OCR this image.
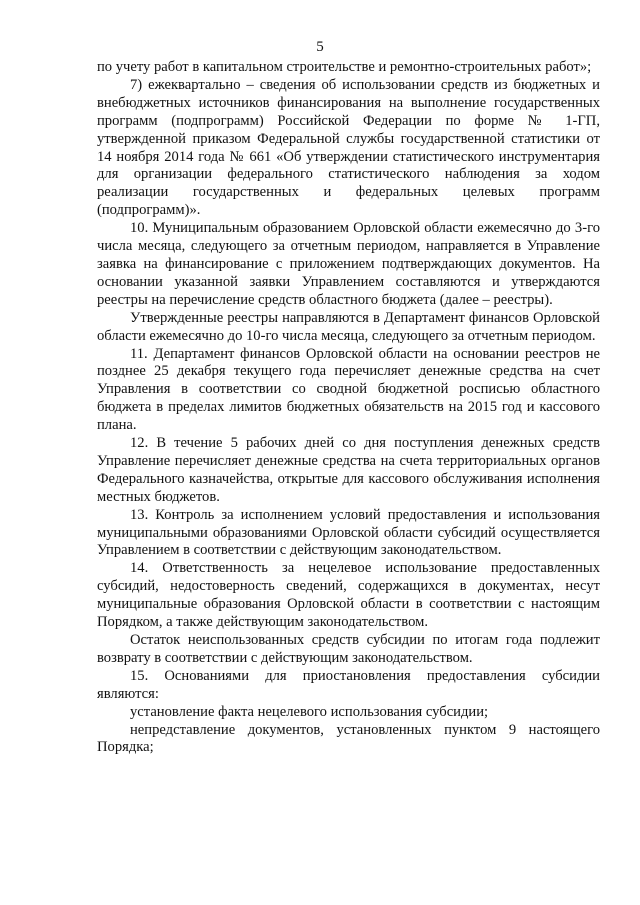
5

по учету работ в капитальном строительстве и ремонтно-строительных работ»;

7) ежеквартально – сведения об использовании средств из бюджетных и внебюджетных источников финансирования на выполнение государственных программ (подпрограмм) Российской Федерации по форме № 1-ГП, утвержденной приказом Федеральной службы государственной статистики от 14 ноября 2014 года № 661 «Об утверждении статистического инструментария для организации федерального статистического наблюдения за ходом реализации государственных и федеральных целевых программ (подпрограмм)».

10. Муниципальным образованием Орловской области ежемесячно до 3-го числа месяца, следующего за отчетным периодом, направляется в Управление заявка на финансирование с приложением подтверждающих документов. На основании указанной заявки Управлением составляются и утверждаются реестры на перечисление средств областного бюджета (далее – реестры).

Утвержденные реестры направляются в Департамент финансов Орловской области ежемесячно до 10-го числа месяца, следующего за отчетным периодом.

11. Департамент финансов Орловской области на основании реестров не позднее 25 декабря текущего года перечисляет денежные средства на счет Управления в соответствии со сводной бюджетной росписью областного бюджета в пределах лимитов бюджетных обязательств на 2015 год и кассового плана.

12. В течение 5 рабочих дней со дня поступления денежных средств Управление перечисляет денежные средства на счета территориальных органов Федерального казначейства, открытые для кассового обслуживания исполнения местных бюджетов.

13. Контроль за исполнением условий предоставления и использования муниципальными образованиями Орловской области субсидий осуществляется Управлением в соответствии с действующим законодательством.

14. Ответственность за нецелевое использование предоставленных субсидий, недостоверность сведений, содержащихся в документах, несут муниципальные образования Орловской области в соответствии с настоящим Порядком, а также действующим законодательством.

Остаток неиспользованных средств субсидии по итогам года подлежит возврату в соответствии с действующим законодательством.

15. Основаниями для приостановления предоставления субсидии являются:

установление факта нецелевого использования субсидии;

непредставление документов, установленных пунктом 9 настоящего Порядка;
